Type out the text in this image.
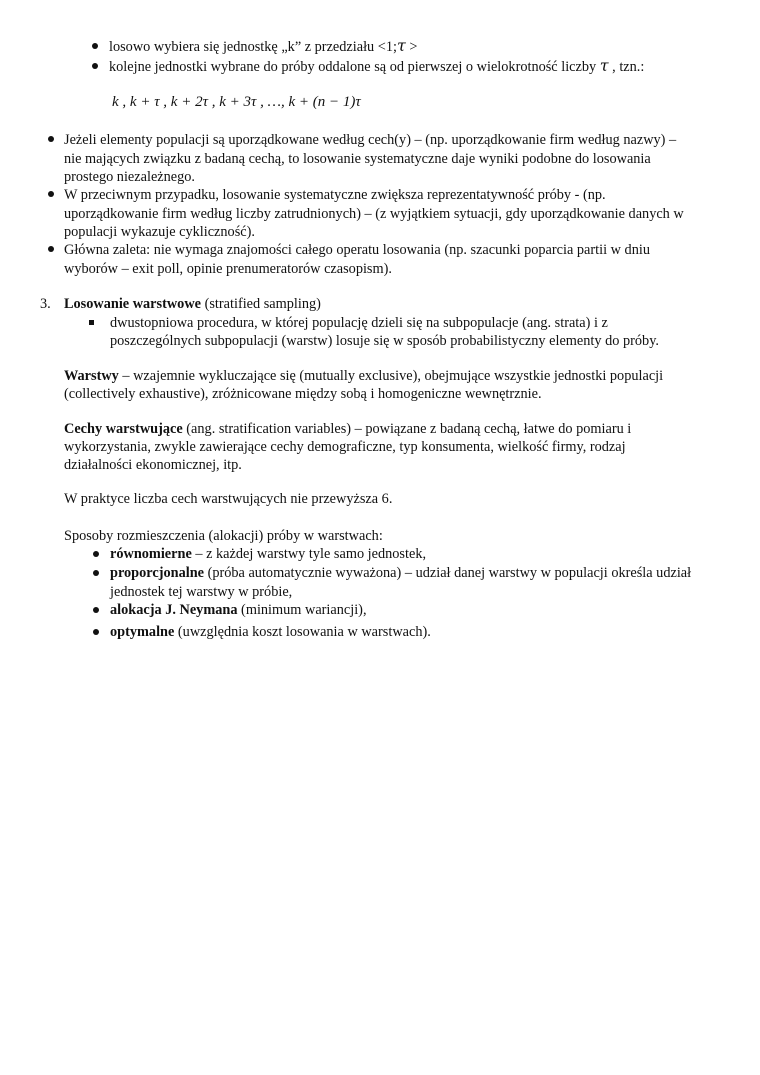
losowo wybiera się jednostkę „k” z przedziału <1;τ >
kolejne jednostki wybrane do próby oddalone są od pierwszej o wielokrotność liczby τ , tzn.:
k , k + τ , k + 2τ , k + 3τ , …, k + (n − 1)τ
Jeżeli elementy populacji są uporządkowane według cech(y) – (np. uporządkowanie firm według nazwy) –
nie mających związku z badaną cechą, to losowanie systematyczne daje wyniki podobne do losowania
prostego niezależnego.
W przeciwnym przypadku, losowanie systematyczne zwiększa reprezentatywność próby - (np.
uporządkowanie firm według liczby zatrudnionych) – (z wyjątkiem sytuacji, gdy uporządkowanie danych w
populacji wykazuje cykliczność).
Główna zaleta: nie wymaga znajomości całego operatu losowania (np. szacunki poparcia partii w dniu
wyborów – exit poll, opinie prenumeratorów czasopism).
3. Losowanie warstwowe (stratified sampling)
dwustopniowa procedura, w której populację dzieli się na subpopulacje (ang. strata) i z
poszczególnych subpopulacji (warstw) losuje się w sposób probabilistyczny elementy do próby.
Warstwy – wzajemnie wykluczające się (mutually exclusive), obejmujące wszystkie jednostki populacji
(collectively exhaustive), zróżnicowane między sobą i homogeniczne wewnętrznie.
Cechy warstwujące (ang. stratification variables) – powiązane z badaną cechą, łatwe do pomiaru i
wykorzystania, zwykle zawierające cechy demograficzne, typ konsumenta, wielkość firmy, rodzaj
działalności ekonomicznej, itp.
W praktyce liczba cech warstwujących nie przewyższa 6.
Sposoby rozmieszczenia (alokacji) próby w warstwach:
równomierne – z każdej warstwy tyle samo jednostek,
proporcjonalne (próba automatycznie wyważona) – udział danej warstwy w populacji określa udział
jednostek tej warstwy w próbie,
alokacja J. Neymana (minimum wariancji),
optymalne (uwzględnia koszt losowania w warstwach).
